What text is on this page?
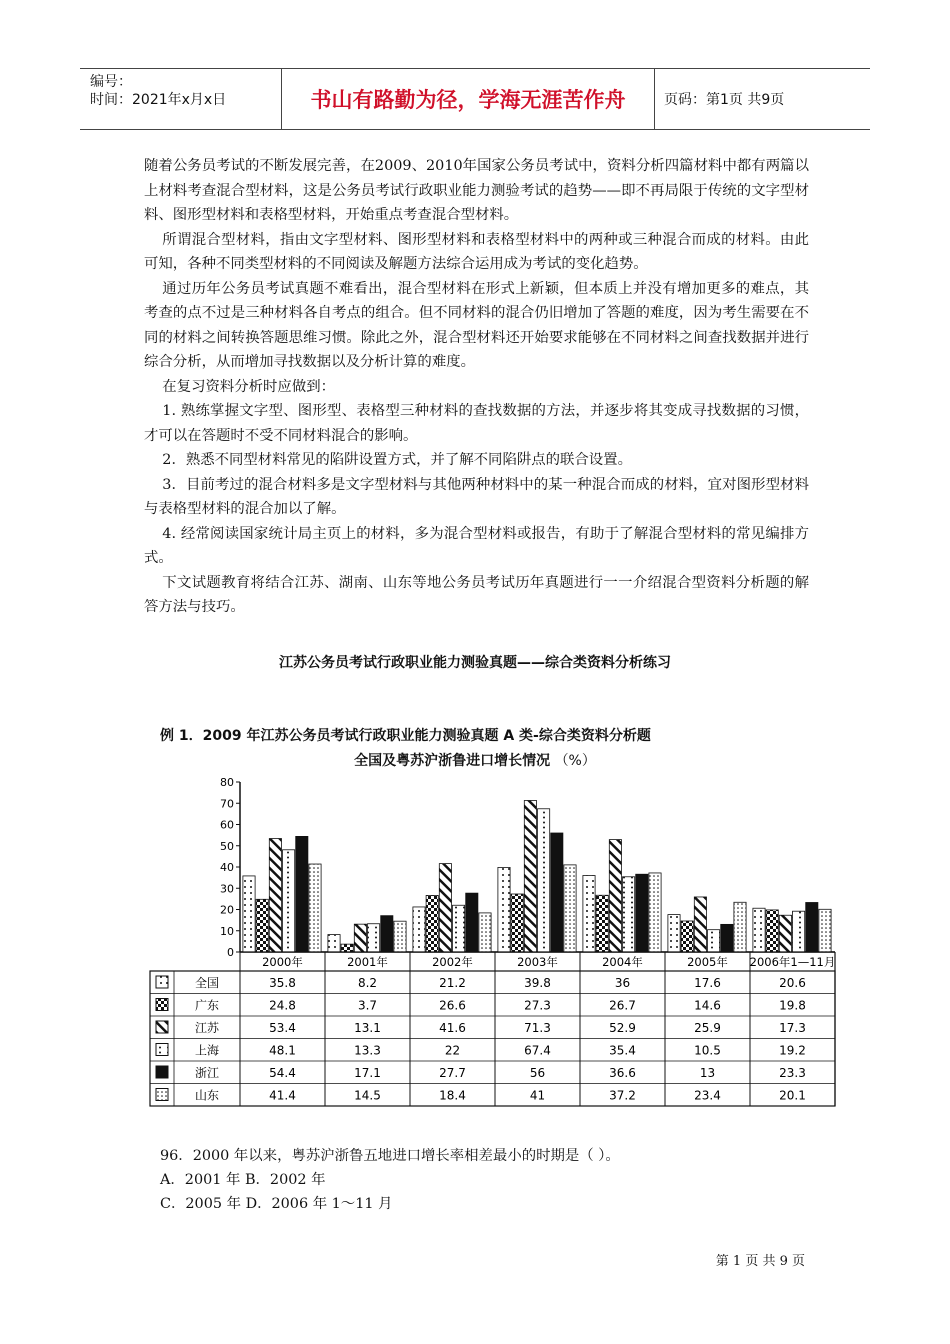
编号：
时间：2021年x月x日	书山有路勤为径，学海无涯苦作舟	页码：第1页 共9页

随着公务员考试的不断发展完善，在2009、2010年国家公务员考试中，资料分析四篇材料中都有两篇以上材料考查混合型材料，这是公务员考试行政职业能力测验考试的趋势——即不再局限于传统的文字型材料、图形型材料和表格型材料，开始重点考查混合型材料。

所谓混合型材料，指由文字型材料、图形型材料和表格型材料中的两种或三种混合而成的材料。由此可知，各种不同类型材料的不同阅读及解题方法综合运用成为考试的变化趋势。

通过历年公务员考试真题不难看出，混合型材料在形式上新颖，但本质上并没有增加更多的难点，其考查的点不过是三种材料各自考点的组合。但不同材料的混合仍旧增加了答题的难度，因为考生需要在不同的材料之间转换答题思维习惯。除此之外，混合型材料还开始要求能够在不同材料之间查找数据并进行综合分析，从而增加寻找数据以及分析计算的难度。

在复习资料分析时应做到：

1. 熟练掌握文字型、图形型、表格型三种材料的查找数据的方法，并逐步将其变成寻找数据的习惯，才可以在答题时不受不同材料混合的影响。

2．熟悉不同型材料常见的陷阱设置方式，并了解不同陷阱点的联合设置。

3．目前考过的混合材料多是文字型材料与其他两种材料中的某一种混合而成的材料，宜对图形型材料与表格型材料的混合加以了解。

4. 经常阅读国家统计局主页上的材料，多为混合型材料或报告，有助于了解混合型材料的常见编排方式。

下文试题教育将结合江苏、湖南、山东等地公务员考试历年真题进行一一介绍混合型资料分析题的解答方法与技巧。

江苏公务员考试行政职业能力测验真题——综合类资料分析练习
例 1．2009 年江苏公务员考试行政职业能力测验真题 A 类-综合类资料分析题
全国及粤苏沪浙鲁进口增长情况 （%）
80
70
60
50
40
30
20
10
0
2000年	2001年	2002年	2003年	2004年	2005年 2006年1—11月
全国	35.8	8.2	21.2	39.8	36	17.6	20.6
广东	24.8	3.7	26.6	27.3	26.7	14.6	19.8
江苏	53.4	13.1	41.6	71.3	52.9	25.9	17.3
上海	48.1	13.3	22	67.4	35.4	10.5	19.2
浙江	54.4	17.1	27.7	56	36.6	13	23.3
山东	41.4	14.5	18.4	41	37.2	23.4	20.1
96．2000 年以来，粤苏沪浙鲁五地进口增长率相差最小的时期是（ ）。
A．2001 年 B．2002 年
C．2005 年 D．2006 年 1～11 月
第 1 页 共 9 页
